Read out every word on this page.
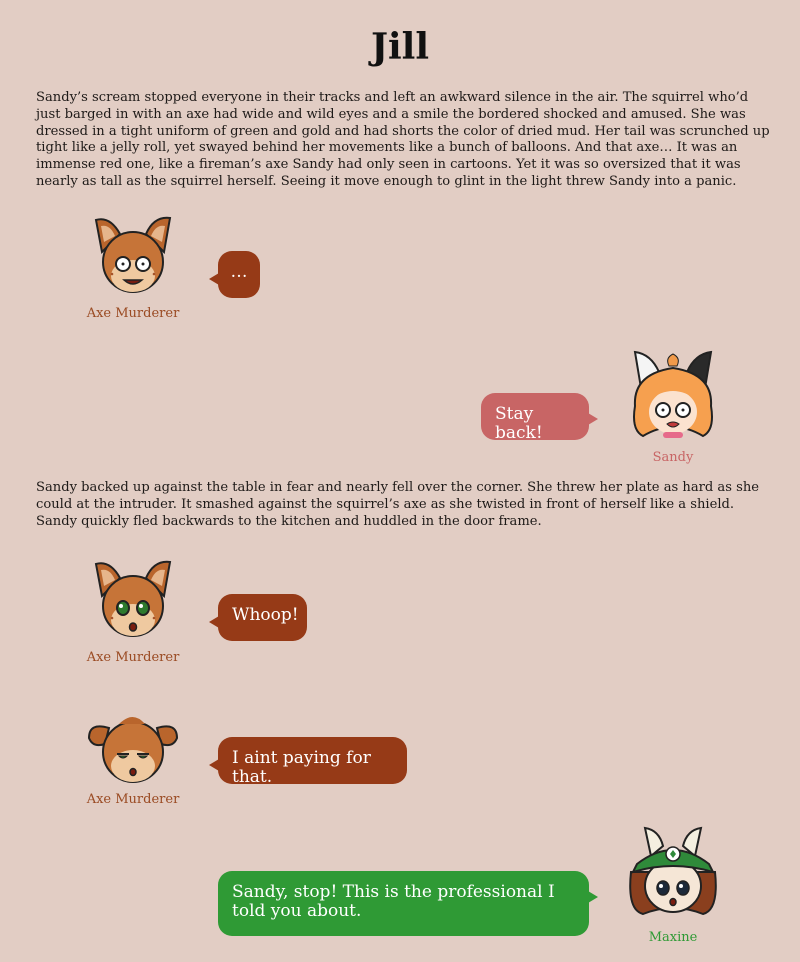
Jill

Sandy’s scream stopped everyone in their tracks and left an awkward silence in the air. The squirrel who’d just barged in with an axe had wide and wild eyes and a smile the bordered shocked and amused. She was dressed in a tight uniform of green and gold and had shorts the color of dried mud. Her tail was scrunched up tight like a jelly roll, yet swayed behind her movements like a bunch of balloons. And that axe… It was an immense red one, like a fireman’s axe Sandy had only seen in cartoons. Yet it was so oversized that it was nearly as tall as the squirrel herself. Seeing it move enough to glint in the light threw Sandy into a panic.

Axe Murderer
…
Stay back!
Sandy

Sandy backed up against the table in fear and nearly fell over the corner. She threw her plate as hard as she could at the intruder. It smashed against the squirrel’s axe as she twisted in front of herself like a shield. Sandy quickly fled backwards to the kitchen and huddled in the door frame.

Axe Murderer
Whoop!
Axe Murderer
I aint paying for that.
Sandy, stop! This is the professional I told you about.
Maxine
